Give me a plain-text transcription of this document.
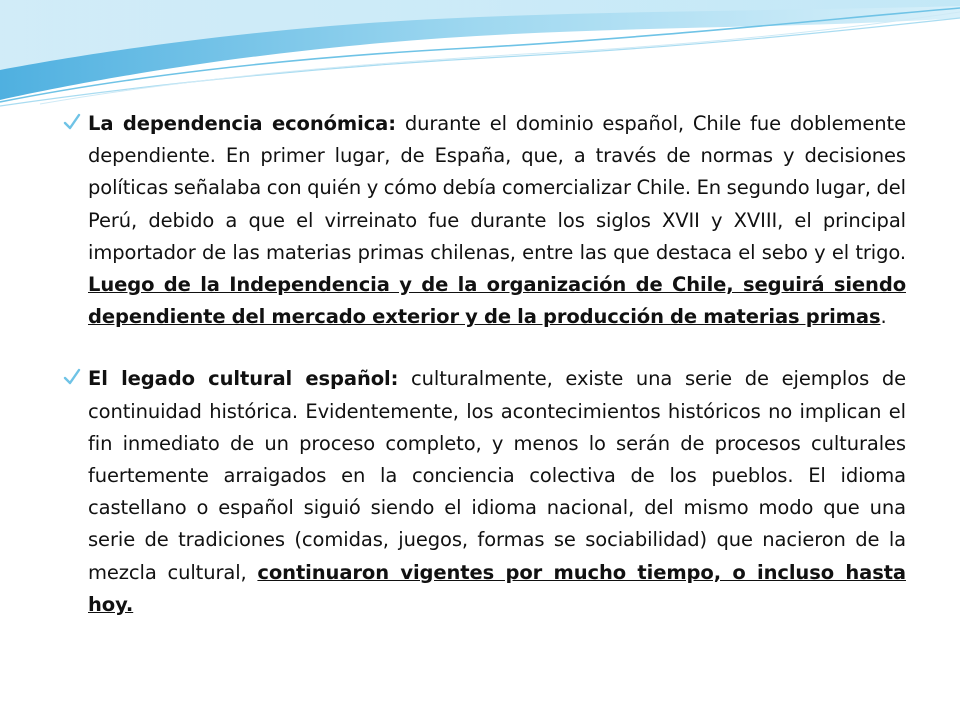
La dependencia económica: durante el dominio español, Chile fue doblemente dependiente. En primer lugar, de España, que, a través de normas y decisiones políticas señalaba con quién y cómo debía comercializar Chile. En segundo lugar, del Perú, debido a que el virreinato fue durante los siglos XVII y XVIII, el principal importador de las materias primas chilenas, entre las que destaca el sebo y el trigo. Luego de la Independencia y de la organización de Chile, seguirá siendo dependiente del mercado exterior y de la producción de materias primas.

El legado cultural español: culturalmente, existe una serie de ejemplos de continuidad histórica. Evidentemente, los acontecimientos históricos no implican el fin inmediato de un proceso completo, y menos lo serán de procesos culturales fuertemente arraigados en la conciencia colectiva de los pueblos. El idioma castellano o español siguió siendo el idioma nacional, del mismo modo que una serie de tradiciones (comidas, juegos, formas se sociabilidad) que nacieron de la mezcla cultural, continuaron vigentes por mucho tiempo, o incluso hasta hoy.
